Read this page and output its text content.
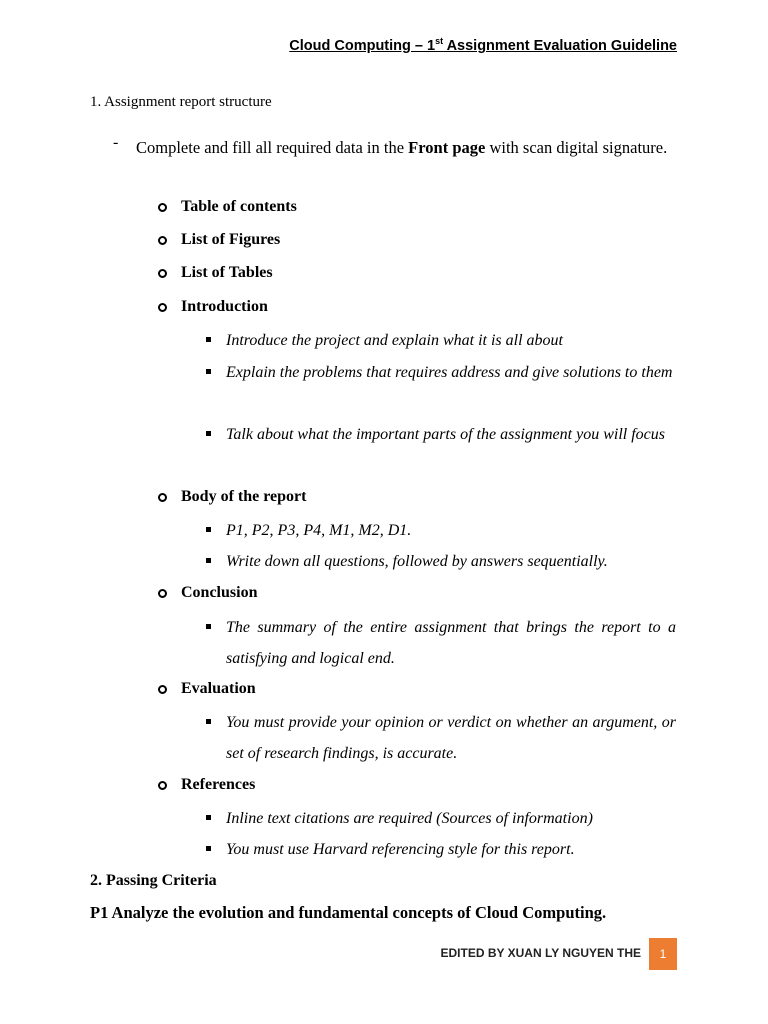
Cloud Computing – 1st Assignment Evaluation Guideline
1. Assignment report structure
- Complete and fill all required data in the Front page with scan digital signature.
Table of contents
List of Figures
List of Tables
Introduction
Introduce the project and explain what it is all about
Explain the problems that requires address and give solutions to them
Talk about what the important parts of the assignment you will focus
Body of the report
P1, P2, P3, P4, M1, M2, D1.
Write down all questions, followed by answers sequentially.
Conclusion
The summary of the entire assignment that brings the report to a satisfying and logical end.
Evaluation
You must provide your opinion or verdict on whether an argument, or set of research findings, is accurate.
References
Inline text citations are required (Sources of information)
You must use Harvard referencing style for this report.
2. Passing Criteria
P1 Analyze the evolution and fundamental concepts of Cloud Computing.
EDITED BY XUAN LY NGUYEN THE 1
